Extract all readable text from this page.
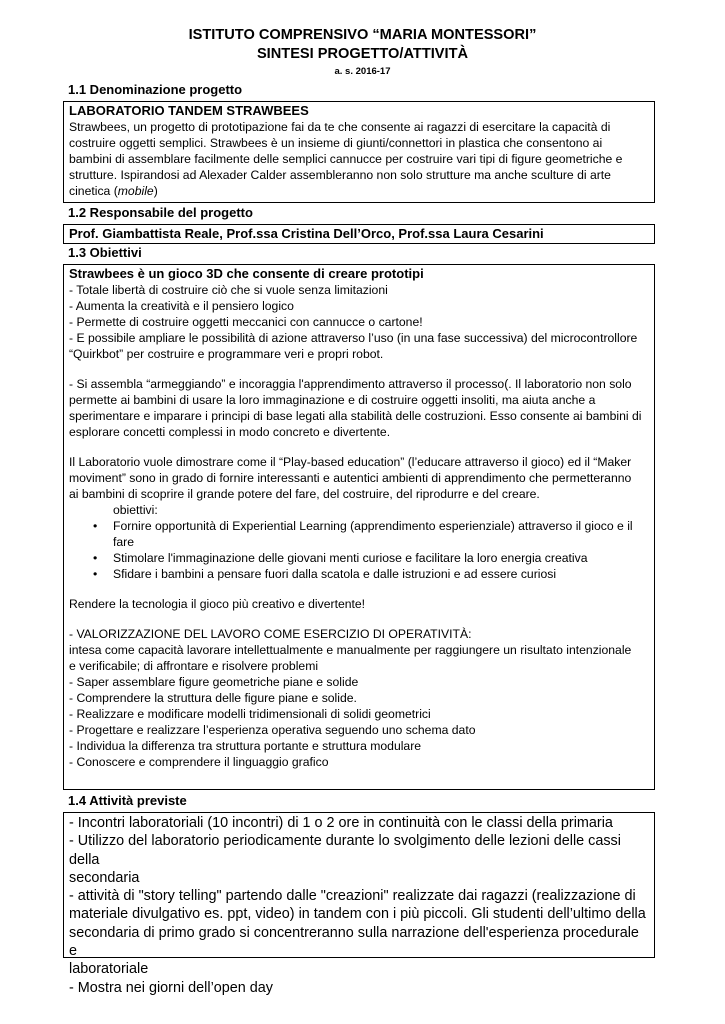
ISTITUTO COMPRENSIVO “MARIA MONTESSORI”
SINTESI PROGETTO/ATTIVITÀ
a. s. 2016-17
1.1 Denominazione progetto

LABORATORIO TANDEM STRAWBEES

Strawbees, un progetto di prototipazione fai da te che consente ai ragazzi di esercitare la capacità di

costruire oggetti semplici. Strawbees è un insieme di giunti/connettori in plastica che consentono ai

bambini di assemblare facilmente delle semplici cannucce per costruire vari tipi di figure geometriche e

strutture. Ispirandosi ad Alexader Calder assembleranno non solo strutture ma anche sculture di arte

cinetica (mobile)

1.2 Responsabile del progetto

Prof. Giambattista Reale, Prof.ssa Cristina Dell’Orco, Prof.ssa Laura Cesarini

1.3 Obiettivi

Strawbees è un gioco 3D che consente di creare prototipi

- Totale libertà di costruire ciò che si vuole senza limitazioni

- Aumenta la creatività e il pensiero logico

- Permette di costruire oggetti meccanici con cannucce o cartone!

- E possibile ampliare le possibilità di azione attraverso l’uso (in una fase successiva) del microcontrollore

“Quirkbot” per costruire e programmare veri e propri robot.

- Si assembla “armeggiando” e incoraggia l'apprendimento attraverso il processo(. Il laboratorio non solo

permette ai bambini di usare la loro immaginazione e di costruire oggetti insoliti, ma aiuta anche a

sperimentare e imparare i principi di base legati alla stabilità delle costruzioni. Esso consente ai bambini di

esplorare concetti complessi in modo concreto e divertente.

Il Laboratorio vuole dimostrare come il “Play-based education” (l’educare attraverso il gioco) ed il “Maker

moviment” sono in grado di fornire interessanti e autentici ambienti di apprendimento che permetteranno

ai bambini di scoprire il grande potere del fare, del costruire, del riprodurre e del creare.

obiettivi:

• Fornire opportunità di Experiential Learning (apprendimento esperienziale) attraverso il gioco e il
fare
• Stimolare l'immaginazione delle giovani menti curiose e facilitare la loro energia creativa
• Sfidare i bambini a pensare fuori dalla scatola e dalle istruzioni e ad essere curiosi

Rendere la tecnologia il gioco più creativo e divertente!

- VALORIZZAZIONE DEL LAVORO COME ESERCIZIO DI OPERATIVITÀ:

intesa come capacità lavorare intellettualmente e manualmente per raggiungere un risultato intenzionale

e verificabile; di affrontare e risolvere problemi

- Saper assemblare figure geometriche piane e solide

- Comprendere la struttura delle figure piane e solide.

- Realizzare e modificare modelli tridimensionali di solidi geometrici

- Progettare e realizzare l’esperienza operativa seguendo uno schema dato

- Individua la differenza tra struttura portante e struttura modulare

- Conoscere e comprendere il linguaggio grafico

1.4 Attività previste

- Incontri laboratoriali (10 incontri) di 1 o 2 ore in continuità con le classi della primaria

- Utilizzo del laboratorio periodicamente durante lo svolgimento delle lezioni delle cassi della

secondaria

- attività di "story telling" partendo dalle "creazioni" realizzate dai ragazzi (realizzazione di

materiale divulgativo es. ppt, video) in tandem con i più piccoli. Gli studenti dell’ultimo della

secondaria di primo grado si concentreranno sulla narrazione dell'esperienza procedurale e

laboratoriale

- Mostra nei giorni dell’open day
